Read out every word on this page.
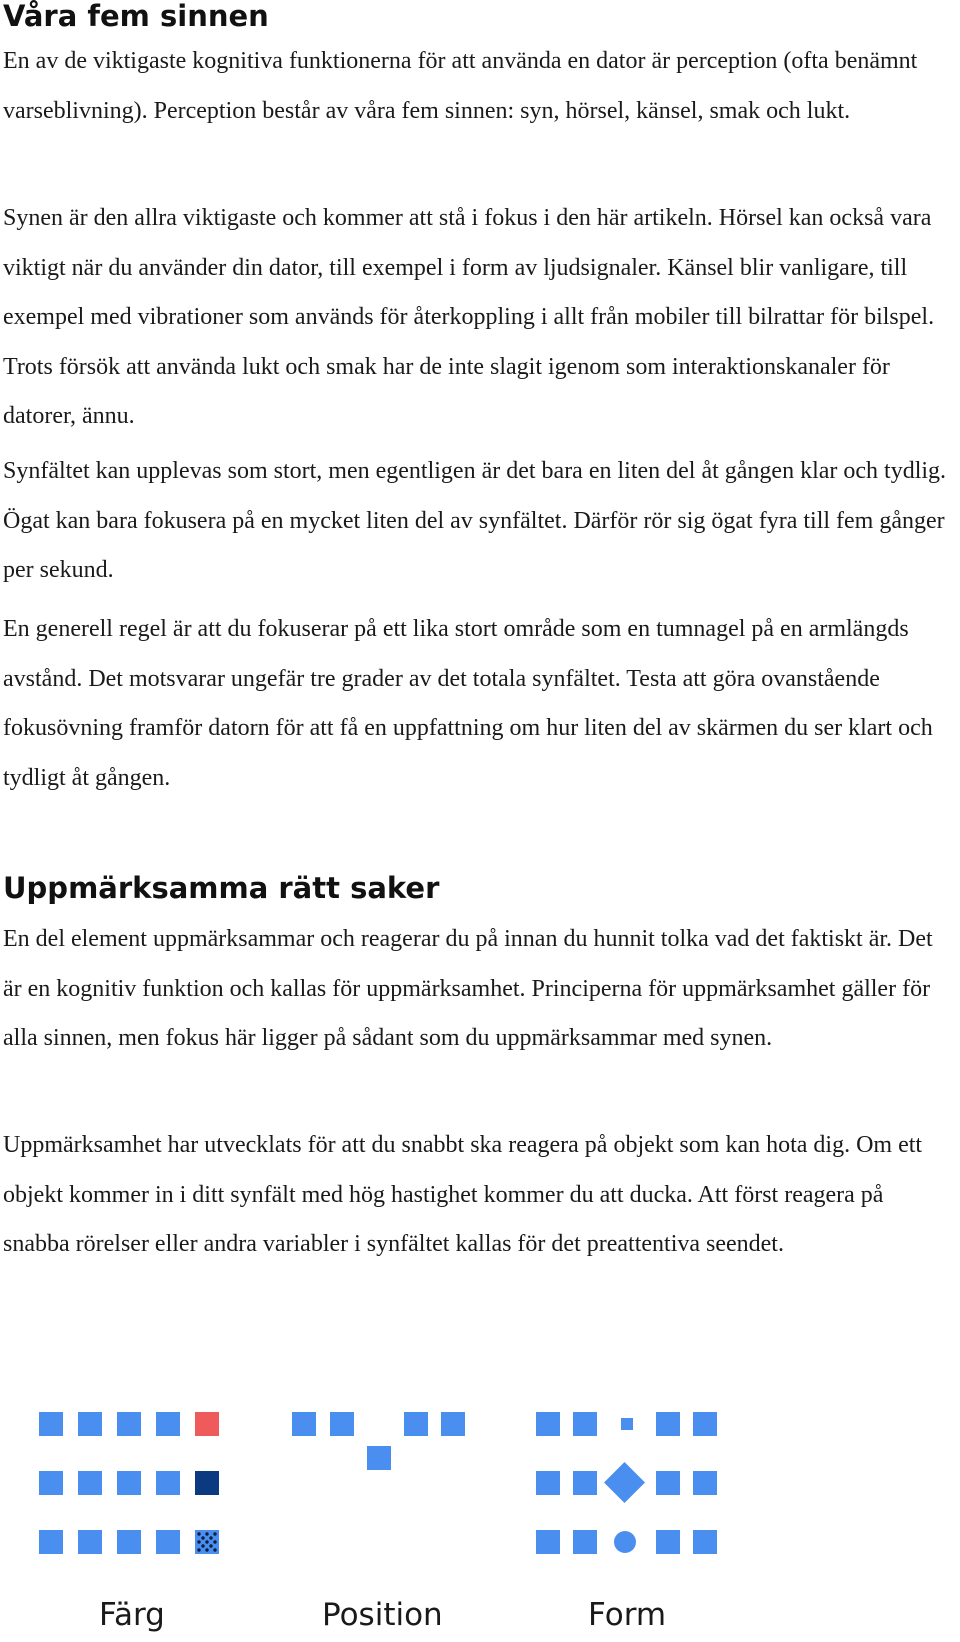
Våra fem sinnen

En av de viktigaste kognitiva funktionerna för att använda en dator är perception (ofta benämnt varseblivning). Perception består av våra fem sinnen: syn, hörsel, känsel, smak och lukt.

Synen är den allra viktigaste och kommer att stå i fokus i den här artikeln. Hörsel kan också vara viktigt när du använder din dator, till exempel i form av ljudsignaler. Känsel blir vanligare, till exempel med vibrationer som används för återkoppling i allt från mobiler till bilrattar för bilspel. Trots försök att använda lukt och smak har de inte slagit igenom som interaktionskanaler för datorer, ännu.

Synfältet kan upplevas som stort, men egentligen är det bara en liten del åt gången klar och tydlig. Ögat kan bara fokusera på en mycket liten del av synfältet. Därför rör sig ögat fyra till fem gånger per sekund.

En generell regel är att du fokuserar på ett lika stort område som en tumnagel på en armlängds avstånd. Det motsvarar ungefär tre grader av det totala synfältet. Testa att göra ovanstående fokusövning framför datorn för att få en uppfattning om hur liten del av skärmen du ser klart och tydligt åt gången.

Uppmärksamma rätt saker

En del element uppmärksammar och reagerar du på innan du hunnit tolka vad det faktiskt är. Det är en kognitiv funktion och kallas för uppmärksamhet. Principerna för uppmärksamhet gäller för alla sinnen, men fokus här ligger på sådant som du uppmärksammar med synen.

Uppmärksamhet har utvecklats för att du snabbt ska reagera på objekt som kan hota dig. Om ett objekt kommer in i ditt synfält med hög hastighet kommer du att ducka. Att först reagera på snabba rörelser eller andra variabler i synfältet kallas för det preattentiva seendet.

Färg	Position	Form
